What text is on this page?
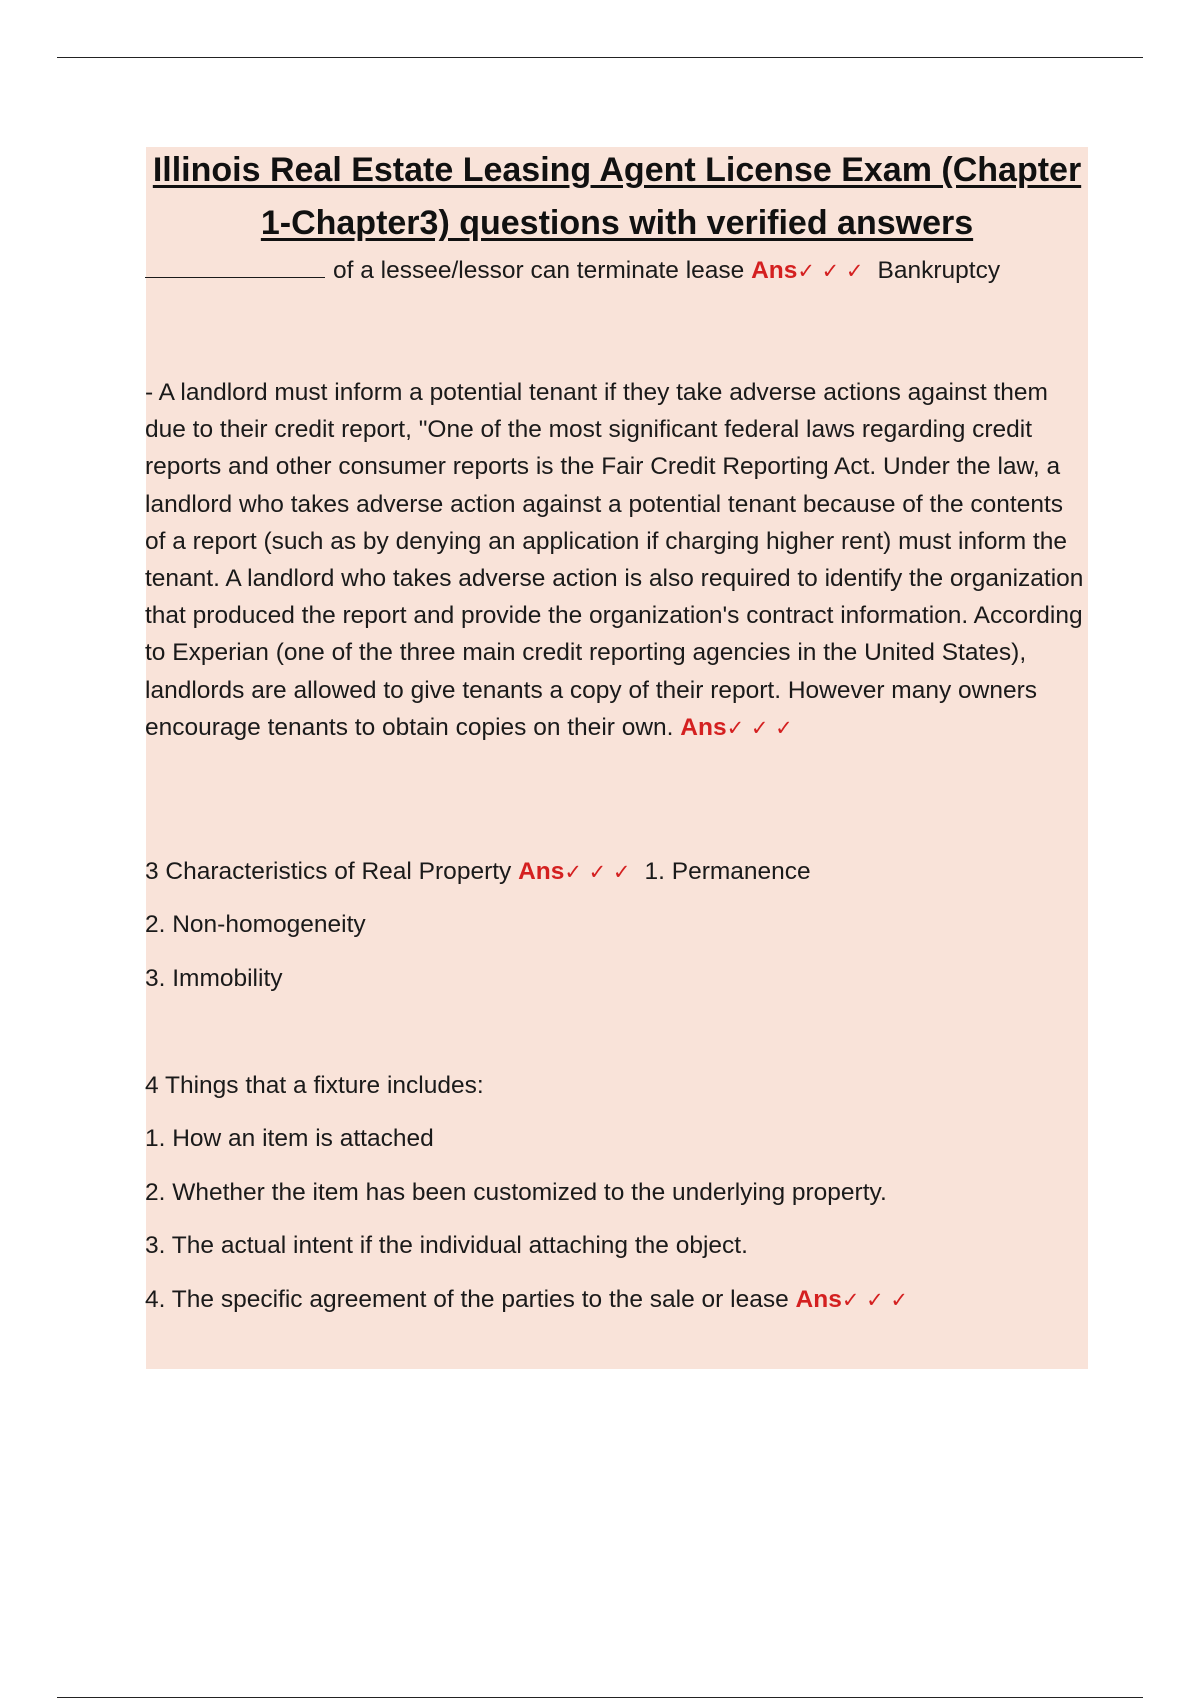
Illinois Real Estate Leasing Agent License Exam (Chapter 1-Chapter3) questions with verified answers

of a lessee/lessor can terminate lease Ans✓ ✓ ✓ Bankruptcy

- A landlord must inform a potential tenant if they take adverse actions against them due to their credit report, "One of the most significant federal laws regarding credit reports and other consumer reports is the Fair Credit Reporting Act. Under the law, a landlord who takes adverse action against a potential tenant because of the contents of a report (such as by denying an application if charging higher rent) must inform the tenant. A landlord who takes adverse action is also required to identify the organization that produced the report and provide the organization's contract information. According to Experian (one of the three main credit reporting agencies in the United States), landlords are allowed to give tenants a copy of their report. However many owners encourage tenants to obtain copies on their own. Ans✓ ✓ ✓

3 Characteristics of Real Property Ans✓ ✓ ✓ 1. Permanence

2. Non-homogeneity

3. Immobility

4 Things that a fixture includes:

1. How an item is attached

2. Whether the item has been customized to the underlying property.

3. The actual intent if the individual attaching the object.

4. The specific agreement of the parties to the sale or lease Ans✓ ✓ ✓
